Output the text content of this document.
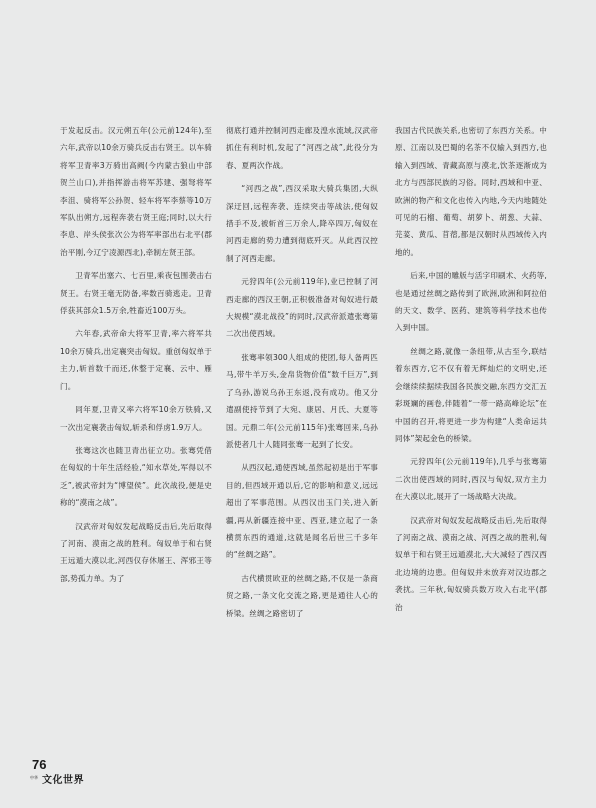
于发起反击。汉元朔五年(公元前124年),至六年,武帝以10余万骑兵反击右贤王。以车骑将军卫青率3万骑出高阙(今内蒙古狼山中部贺兰山口),并指挥游击将军苏建、强弩将军李沮、骑将军公孙贺、轻车将军李蔡等10万军队出朔方,远程奔袭右贤王庭;同时,以大行李息、岸头侯张次公为将军率部出右北平(郡治平刚,今辽宁凌源西北),牵制左贤王部。

卫青军出塞六、七百里,乘夜包围袭击右贤王。右贤王毫无防备,率数百骑逃走。卫青俘获其部众1.5万余,牲畜近100万头。

六年春,武帝命大将军卫青,率六将军共10余万骑兵,出定襄突击匈奴。重创匈奴单于主力,斩首数千而还,休整于定襄、云中、雁门。

同年夏,卫青又率六将军10余万铁骑,又一次出定襄袭击匈奴,斩杀和俘虏1.9万人。

张骞这次也随卫青出征立功。张骞凭借在匈奴的十年生活经验,“知水草处,军得以不乏”,被武帝封为“博望侯”。此次战役,便是史称的“漠南之战”。

汉武帝对匈奴发起战略反击后,先后取得了河南、漠南之战的胜利。匈奴单于和右贤王远遁大漠以北,河西仅存休屠王、浑邪王等部,势孤力单。为了

彻底打通并控制河西走廊及湟水流域,汉武帝抓住有利时机,发起了“河西之战”,此役分为春、夏两次作战。

“河西之战”,西汉采取大骑兵集团,大纵深迂回,远程奔袭、连续突击等战法,使匈奴措手不及,被斩首三万余人,降卒四万,匈奴在河西走廊的势力遭到彻底歼灭。从此西汉控制了河西走廊。

元狩四年(公元前119年),业已控制了河西走廊的西汉王朝,正积极准备对匈奴进行最大规模“漠北战役”的同时,汉武帝派遣张骞第二次出使西域。

张骞率领300人组成的使团,每人备两匹马,带牛羊万头,金帛货物价值“数千巨万”,到了乌孙,游说乌孙王东返,没有成功。他又分遣副使持节到了大宛、康居、月氏、大夏等国。元鼎二年(公元前115年)张骞回来,乌孙派使者几十人随同张骞一起到了长安。

从西汉起,通使西域,虽然起初是出于军事目的,但西域开通以后,它的影响和意义,远远超出了军事范围。从西汉出玉门关,进入新疆,再从新疆连接中亚、西亚,建立起了一条横贯东西的通道,这就是闻名后世三千多年的“丝绸之路”。

古代横贯欧亚的丝绸之路,不仅是一条商贸之路,一条文化交流之路,更是通往人心的桥梁。丝绸之路密切了

我国古代民族关系,也密切了东西方关系。中原、江南以及巴蜀的名茶不仅输入到西方,也输入到西域、青藏高原与漠北,饮茶逐渐成为北方与西部民族的习俗。同时,西域和中亚、欧洲的物产和文化也传入内地,今天内地随处可见的石榴、葡萄、胡萝卜、胡葱、大蒜、芫荽、黄瓜、苜蓿,都是汉朝时从西域传入内地的。

后来,中国的雕版与活字印刷术、火药等,也是通过丝绸之路传到了欧洲,欧洲和阿拉伯的天文、数学、医药、建筑等科学技术也传入到中国。

丝绸之路,就像一条纽带,从古至今,联结着东西方,它不仅有着无辉灿烂的文明史,还会继续续据续我国各民族交融,东西方交汇五彩斑斓的画卷,伴随着“一带一路高峰论坛”在中国的召开,将更进一步为构建“人类命运共同体”架起金色的桥梁。

元狩四年(公元前119年),几乎与张骞第二次出使西域的同时,西汉与匈奴,双方主力在大漠以北,展开了一场战略大决战。

汉武帝对匈奴发起战略反击后,先后取得了河南之战、漠南之战、河西之战的胜利,匈奴单于和右贤王远遁漠北,大大减轻了西汉西北边境的边患。但匈奴并未放弃对汉边郡之袭扰。三年秋,匈奴骑兵数万攻入右北平(郡治

76
中华 文化世界
